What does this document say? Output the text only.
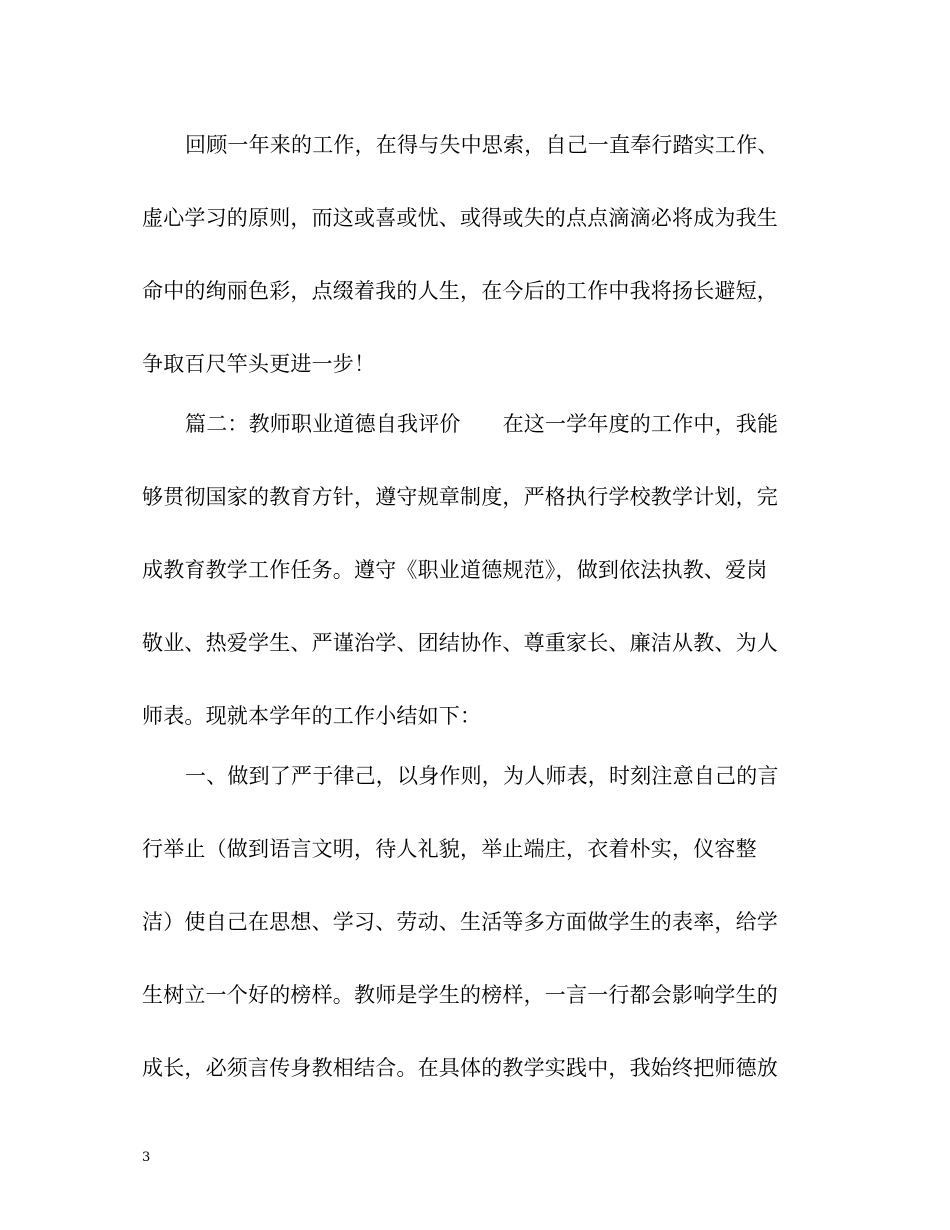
回顾一年来的工作，在得与失中思索，自己一直奉行踏实工作、
虚心学习的原则，而这或喜或忧、或得或失的点点滴滴必将成为我生
命中的绚丽色彩，点缀着我的人生，在今后的工作中我将扬长避短，
争取百尺竿头更进一步！
篇二：教师职业道德自我评价 在这一学年度的工作中，我能
够贯彻国家的教育方针，遵守规章制度，严格执行学校教学计划，完
成教育教学工作任务。遵守《职业道德规范》，做到依法执教、爱岗
敬业、热爱学生、严谨治学、团结协作、尊重家长、廉洁从教、为人
师表。现就本学年的工作小结如下：
一、做到了严于律己，以身作则，为人师表，时刻注意自己的言
行举止（做到语言文明，待人礼貌，举止端庄，衣着朴实，仪容整
洁）使自己在思想、学习、劳动、生活等多方面做学生的表率，给学
生树立一个好的榜样。教师是学生的榜样，一言一行都会影响学生的
成长，必须言传身教相结合。在具体的教学实践中，我始终把师德放
3
